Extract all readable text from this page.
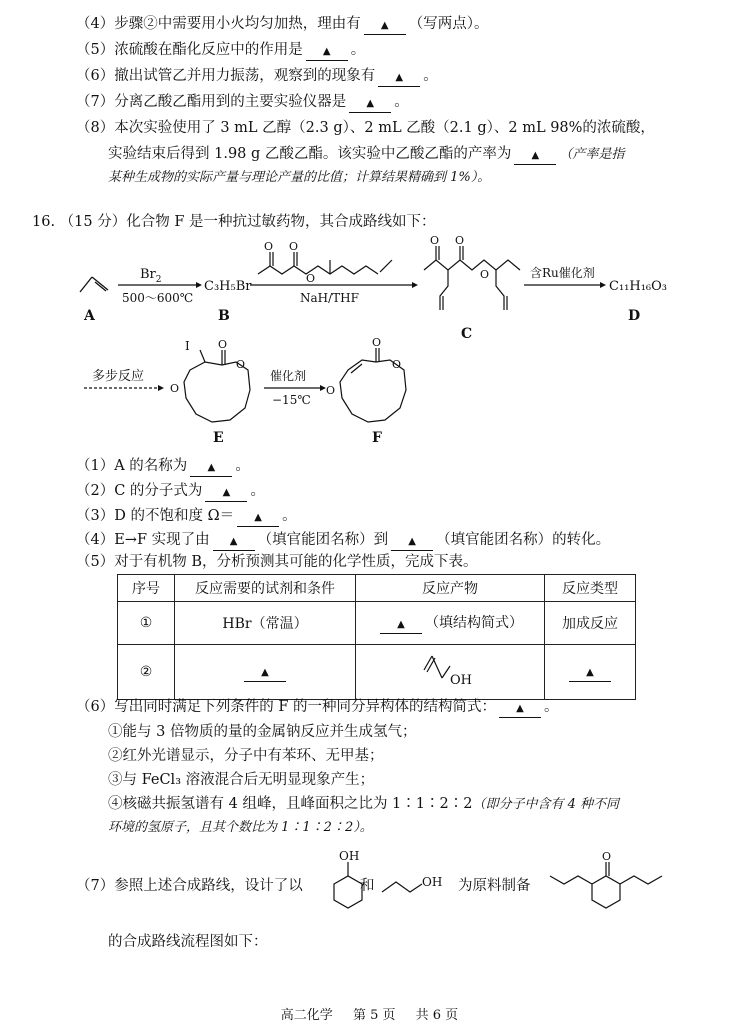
（4）步骤②中需要用小火均匀加热，理由有 ▲ （写两点）。
（5）浓硫酸在酯化反应中的作用是 ▲ 。
（6）撤出试管乙并用力振荡，观察到的现象有 ▲ 。
（7）分离乙酸乙酯用到的主要实验仪器是 ▲ 。
（8）本次实验使用了 3 mL 乙醇（2.3 g）、2 mL 乙酸（2.1 g）、2 mL 98%的浓硫酸，
实验结束后得到 1.98 g 乙酸乙酯。该实验中乙酸乙酯的产率为 ▲ （产率是指
某种生成物的实际产量与理论产量的比值；计算结果精确到 1%）。
16. （15 分）化合物 F 是一种抗过敏药物，其合成路线如下：
A
$Br_2$
500～600℃
C₃H₅Br
B
O O
O
NaH/THF
O O
O
C
含Ru催化剂
C₁₁H₁₆O₃
D
多步反应
I	O
O
O
E
催化剂
−15℃
O
O
O
F
（1）A 的名称为 ▲ 。
（2）C 的分子式为 ▲ 。
（3）D 的不饱和度 Ω＝ ▲ 。
（4）E→F 实现了由 ▲ （填官能团名称）到 ▲ （填官能团名称）的转化。
（5）对于有机物 B，分析预测其可能的化学性质，完成下表。
序号	反应需要的试剂和条件	反应产物	反应类型
①	HBr（常温）	▲ （填结构简式）	加成反应
②	▲	OH	▲
（6）写出同时满足下列条件的 F 的一种同分异构体的结构简式： ▲ 。
①能与 3 倍物质的量的金属钠反应并生成氢气；
②红外光谱显示，分子中有苯环、无甲基；
③与 FeCl₃ 溶液混合后无明显现象产生；
④核磁共振氢谱有 4 组峰，且峰面积之比为 1∶1∶2∶2（即分子中含有 4 种不同
环境的氢原子，且其个数比为 1∶1∶2∶2）。
（7）参照上述合成路线，设计了以
OH
和	OH 为原料制备
O
的合成路线流程图如下：
高二化学 第 5 页 共 6 页
